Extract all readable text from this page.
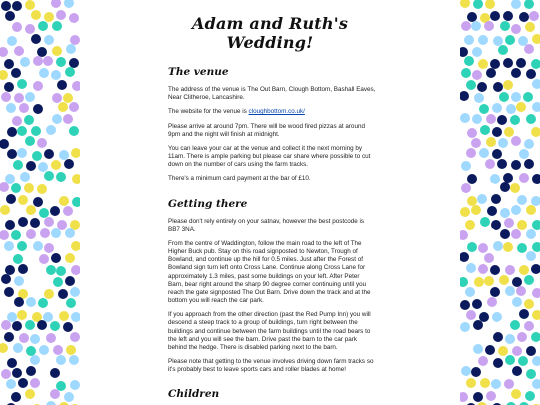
Adam and Ruth's Wedding!
The venue

The address of the venue is The Out Barn, Clough Bottom, Bashall Eaves, Near Clitheroe, Lancashire.

The website for the venue is cloughbottom.co.uk/

Please arrive at around 7pm. There will be wood fired pizzas at around 9pm and the night will finish at midnight.

You can leave your car at the venue and collect it the next morning by 11am. There is ample parking but please car share where possible to cut down on the number of cars using the farm tracks.

There's a minimum card payment at the bar of £10.

Getting there

Please don't rely entirely on your satnav, however the best postcode is BB7 3NA.

From the centre of Waddington, follow the main road to the left of The Higher Buck pub. Stay on this road signposted to Newton, Trough of Bowland, and continue up the hill for 0.5 miles. Just after the Forest of Bowland sign turn left onto Cross Lane. Continue along Cross Lane for approximately 1.3 miles, past some buildings on your left. After Peter Barn, bear right around the sharp 90 degree corner continuing until you reach the gate signposted The Out Barn. Drive down the track and at the bottom you will reach the car park.

If you approach from the other direction (past the Red Pump Inn) you will descend a steep track to a group of buildings, turn right between the buildings and continue between the farm buildings until the road bears to the left and you will see the barn. Drive past the barn to the car park behind the hedge. There is disabled parking next to the barn.

Please note that getting to the venue involves driving down farm tracks so it's probably best to leave sports cars and roller blades at home!

Children
